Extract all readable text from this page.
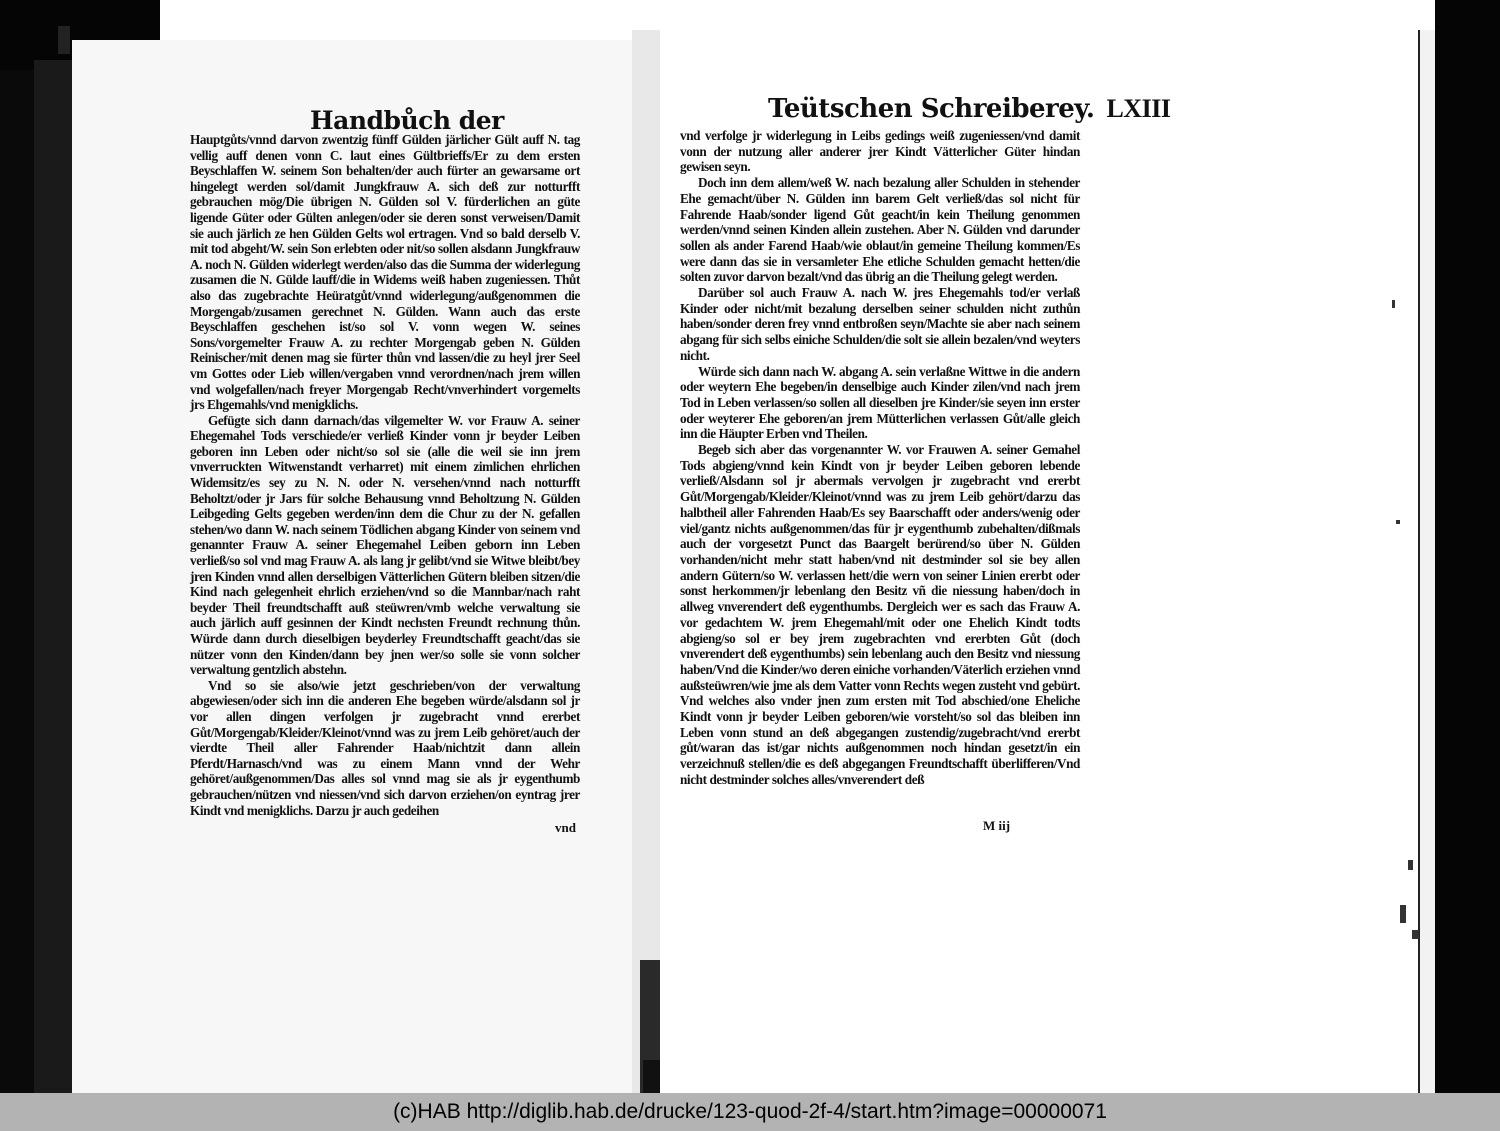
Handbůch der

Hauptgůts/vnnd darvon zwentzig fünff Gülden järlicher Gült auff N. tag vellig auff denen vonn C. laut eines Gültbrieffs/Er zu dem ersten Beyschlaffen W. seinem Son behalten/der auch fürter an gewarsame ort hingelegt werden sol/damit Jungkfrauw A. sich deß zur notturfft gebrauchen mög/Die übrigen N. Gülden sol V. fürderlichen an güte ligende Güter oder Gülten anlegen/oder sie deren sonst verweisen/Damit sie auch järlich ze hen Gülden Gelts wol ertragen. Vnd so bald derselb V. mit tod abgeht/W. sein Son erlebten oder nit/so sollen alsdann Jungkfrauw A. noch N. Gülden widerlegt werden/also das die Summa der widerlegung zusamen die N. Gülde lauff/die in Widems weiß haben zugeniessen. Thůt also das zugebrachte Heüratgůt/vnnd widerlegung/außgenommen die Morgengab/zusamen gerechnet N. Gülden. Wann auch das erste Beyschlaffen geschehen ist/so sol V. vonn wegen W. seines Sons/vorgemelter Frauw A. zu rechter Morgengab geben N. Gülden Reinischer/mit denen mag sie fürter thůn vnd lassen/die zu heyl jrer Seel vm Gottes oder Lieb willen/vergaben vnnd verordnen/nach jrem willen vnd wolgefallen/nach freyer Morgengab Recht/vnverhindert vorgemelts jrs Ehgemahls/vnd menigklichs.

Gefügte sich dann darnach/das vilgemelter W. vor Frauw A. seiner Ehegemahel Tods verschiede/er verließ Kinder vonn jr beyder Leiben geboren inn Leben oder nicht/so sol sie (alle die weil sie inn jrem vnverruckten Witwenstandt verharret) mit einem zimlichen ehrlichen Widemsitz/es sey zu N. N. oder N. versehen/vnnd nach notturfft Beholtzt/oder jr Jars für solche Behausung vnnd Beholtzung N. Gülden Leibgeding Gelts gegeben werden/inn dem die Chur zu der N. gefallen stehen/wo dann W. nach seinem Tödlichen abgang Kinder von seinem vnd genannter Frauw A. seiner Ehegemahel Leiben geborn inn Leben verließ/so sol vnd mag Frauw A. als lang jr gelibt/vnd sie Witwe bleibt/bey jren Kinden vnnd allen derselbigen Vätterlichen Gütern bleiben sitzen/die Kind nach gelegenheit ehrlich erziehen/vnd so die Mannbar/nach raht beyder Theil freundtschafft auß steüwren/vmb welche verwaltung sie auch järlich auff gesinnen der Kindt nechsten Freundt rechnung thůn. Würde dann durch dieselbigen beyderley Freundtschafft geacht/das sie nützer vonn den Kinden/dann bey jnen wer/so solle sie vonn solcher verwaltung gentzlich abstehn.

Vnd so sie also/wie jetzt geschrieben/von der verwaltung abgewiesen/oder sich inn die anderen Ehe begeben würde/alsdann sol jr vor allen dingen verfolgen jr zugebracht vnnd ererbet Gůt/Morgengab/Kleider/Kleinot/vnnd was zu jrem Leib gehöret/auch der vierdte Theil aller Fahrender Haab/nichtzit dann allein Pferdt/Harnasch/vnd was zu einem Mann vnnd der Wehr gehöret/außgenommen/Das alles sol vnnd mag sie als jr eygenthumb gebrauchen/nützen vnd niessen/vnd sich darvon erziehen/on eyntrag jrer Kindt vnd menigklichs. Darzu jr auch gedeihen

vnd
Teütschen Schreiberey. LXIII

vnd verfolge jr widerlegung in Leibs gedings weiß zugeniessen/vnd damit vonn der nutzung aller anderer jrer Kindt Vätterlicher Güter hindan gewisen seyn.

Doch inn dem allem/weß W. nach bezalung aller Schulden in stehender Ehe gemacht/über N. Gülden inn barem Gelt verließ/das sol nicht für Fahrende Haab/sonder ligend Gůt geacht/in kein Theilung genommen werden/vnnd seinen Kinden allein zustehen. Aber N. Gülden vnd darunder sollen als ander Farend Haab/wie oblaut/in gemeine Theilung kommen/Es were dann das sie in versamleter Ehe etliche Schulden gemacht hetten/die solten zuvor darvon bezalt/vnd das übrig an die Theilung gelegt werden.

Darüber sol auch Frauw A. nach W. jres Ehegemahls tod/er verlaß Kinder oder nicht/mit bezalung derselben seiner schulden nicht zuthůn haben/sonder deren frey vnnd entbroßen seyn/Machte sie aber nach seinem abgang für sich selbs einiche Schulden/die solt sie allein bezalen/vnd weyters nicht.

Würde sich dann nach W. abgang A. sein verlaßne Wittwe in die andern oder weytern Ehe begeben/in denselbige auch Kinder zilen/vnd nach jrem Tod in Leben verlassen/so sollen all dieselben jre Kinder/sie seyen inn erster oder weyterer Ehe geboren/an jrem Mütterlichen verlassen Gůt/alle gleich inn die Häupter Erben vnd Theilen.

Begeb sich aber das vorgenannter W. vor Frauwen A. seiner Gemahel Tods abgieng/vnnd kein Kindt von jr beyder Leiben geboren lebende verließ/Alsdann sol jr abermals vervolgen jr zugebracht vnd ererbt Gůt/Morgengab/Kleider/Kleinot/vnnd was zu jrem Leib gehört/darzu das halbtheil aller Fahrenden Haab/Es sey Baarschafft oder anders/wenig oder viel/gantz nichts außgenommen/das für jr eygenthumb zubehalten/dißmals auch der vorgesetzt Punct das Baargelt berürend/so über N. Gülden vorhanden/nicht mehr statt haben/vnd nit destminder sol sie bey allen andern Gütern/so W. verlassen hett/die wern von seiner Linien ererbt oder sonst herkommen/jr lebenlang den Besitz vñ die niessung haben/doch in allweg vnverendert deß eygenthumbs. Dergleich wer es sach das Frauw A. vor gedachtem W. jrem Ehegemahl/mit oder one Ehelich Kindt todts abgieng/so sol er bey jrem zugebrachten vnd ererbten Gůt (doch vnverendert deß eygenthumbs) sein lebenlang auch den Besitz vnd niessung haben/Vnd die Kinder/wo deren einiche vorhanden/Väterlich erziehen vnnd außsteüwren/wie jme als dem Vatter vonn Rechts wegen zusteht vnd gebürt. Vnd welches also vnder jnen zum ersten mit Tod abschied/one Eheliche Kindt vonn jr beyder Leiben geboren/wie vorsteht/so sol das bleiben inn Leben vonn stund an deß abgegangen zustendig/zugebracht/vnd ererbt gůt/waran das ist/gar nichts außgenommen noch hindan gesetzt/in ein verzeichnuß stellen/die es deß abgegangen Freundtschafft überlifferen/Vnd nicht destminder solches alles/vnverendert deß

M iij
(c)HAB http://diglib.hab.de/drucke/123-quod-2f-4/start.htm?image=00000071
